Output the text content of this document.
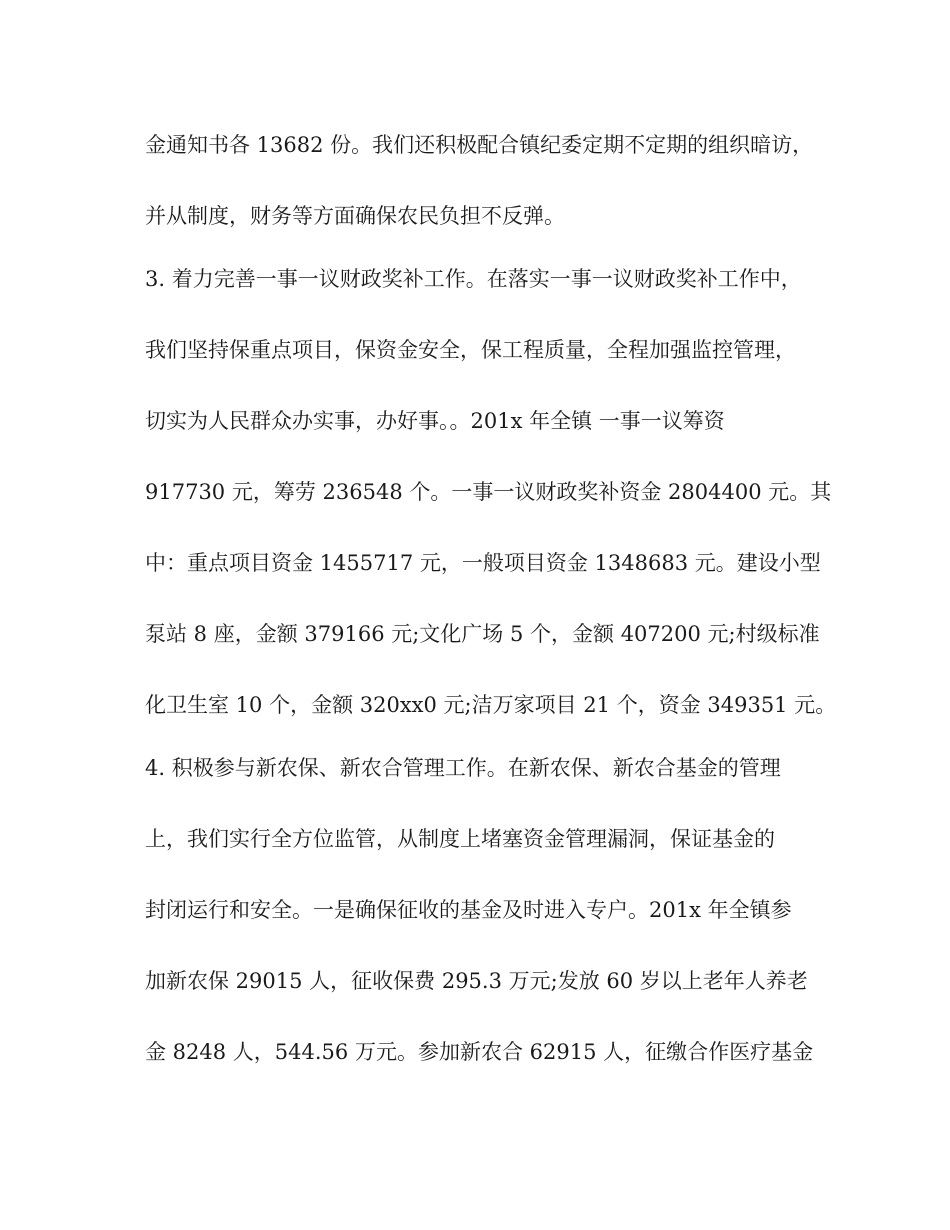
金通知书各 13682 份。我们还积极配合镇纪委定期不定期的组织暗访，
并从制度，财务等方面确保农民负担不反弹。
3. 着力完善一事一议财政奖补工作。在落实一事一议财政奖补工作中，
我们坚持保重点项目，保资金安全，保工程质量，全程加强监控管理，
切实为人民群众办实事，办好事。。201x 年全镇 一事一议筹资
917730 元，筹劳 236548 个。一事一议财政奖补资金 2804400 元。其
中：重点项目资金 1455717 元，一般项目资金 1348683 元。建设小型
泵站 8 座，金额 379166 元;文化广场 5 个，金额 407200 元;村级标准
化卫生室 10 个，金额 320xx0 元;洁万家项目 21 个，资金 349351 元。
4. 积极参与新农保、新农合管理工作。在新农保、新农合基金的管理
上，我们实行全方位监管，从制度上堵塞资金管理漏洞，保证基金的
封闭运行和安全。一是确保征收的基金及时进入专户。201x 年全镇参
加新农保 29015 人，征收保费 295.3 万元;发放 60 岁以上老年人养老
金 8248 人，544.56 万元。参加新农合 62915 人，征缴合作医疗基金
